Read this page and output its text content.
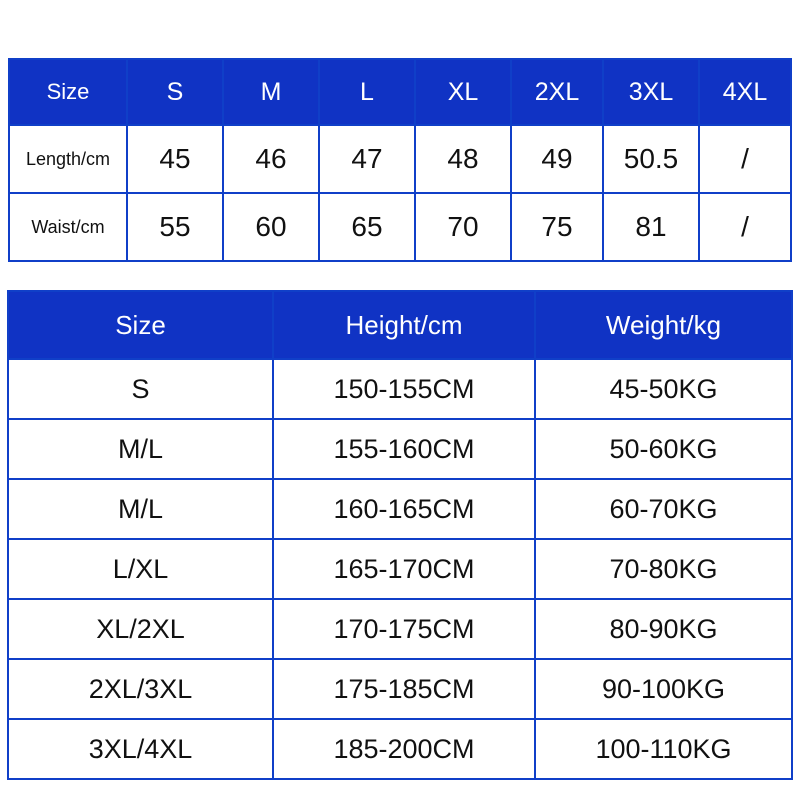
Size	S	M	L	XL	2XL	3XL	4XL
Length/cm	45	46	47	48	49	50.5	/
Waist/cm	55	60	65	70	75	81	/
Size	Height/cm	Weight/kg
S	150-155CM	45-50KG
M/L	155-160CM	50-60KG
M/L	160-165CM	60-70KG
L/XL	165-170CM	70-80KG
XL/2XL	170-175CM	80-90KG
2XL/3XL	175-185CM	90-100KG
3XL/4XL	185-200CM	100-110KG
